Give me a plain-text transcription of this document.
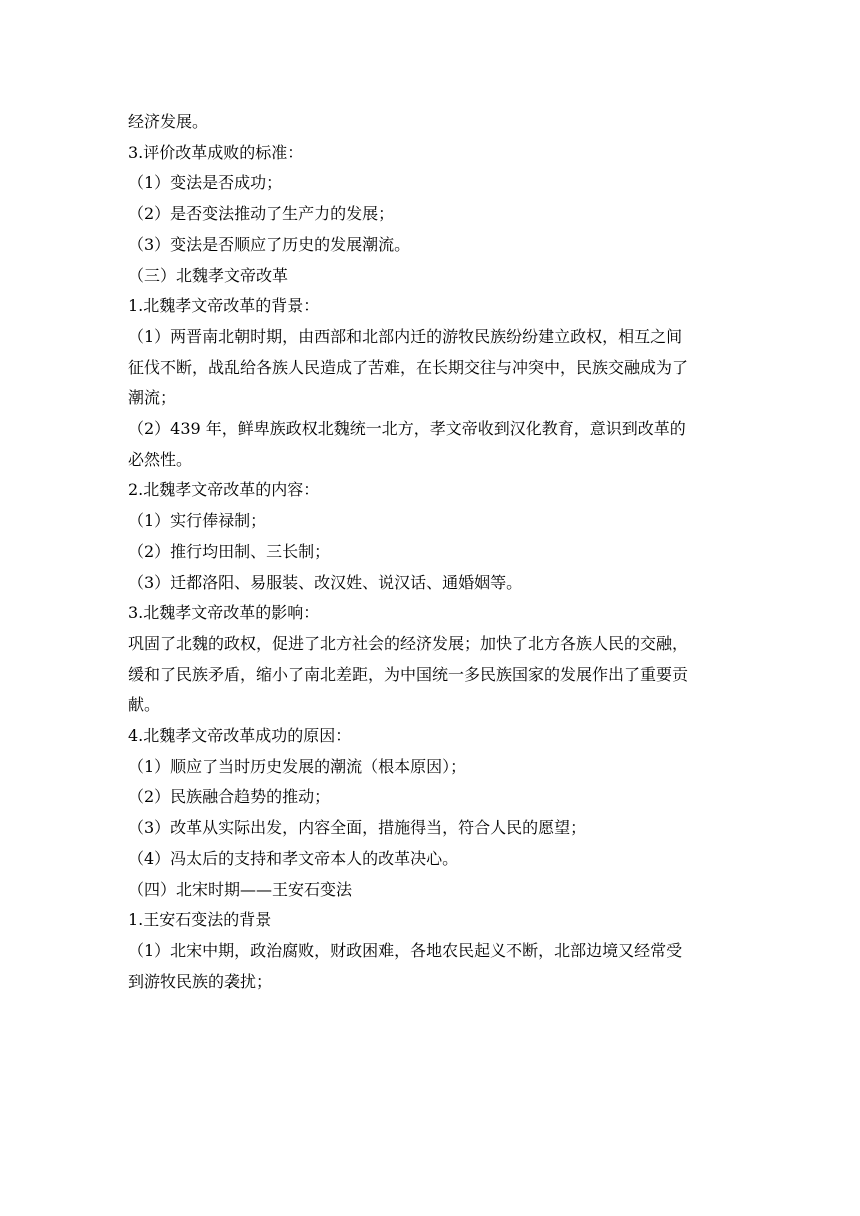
经济发展。

3.评价改革成败的标准：

（1）变法是否成功；

（2）是否变法推动了生产力的发展；

（3）变法是否顺应了历史的发展潮流。

（三）北魏孝文帝改革

1.北魏孝文帝改革的背景：

（1）两晋南北朝时期，由西部和北部内迁的游牧民族纷纷建立政权，相互之间

征伐不断，战乱给各族人民造成了苦难，在长期交往与冲突中，民族交融成为了

潮流；

（2）439 年，鲜卑族政权北魏统一北方，孝文帝收到汉化教育，意识到改革的

必然性。

2.北魏孝文帝改革的内容：

（1）实行俸禄制；

（2）推行均田制、三长制；

（3）迁都洛阳、易服装、改汉姓、说汉话、通婚姻等。

3.北魏孝文帝改革的影响：

巩固了北魏的政权，促进了北方社会的经济发展；加快了北方各族人民的交融，

缓和了民族矛盾，缩小了南北差距，为中国统一多民族国家的发展作出了重要贡

献。

4.北魏孝文帝改革成功的原因：

（1）顺应了当时历史发展的潮流（根本原因）；

（2）民族融合趋势的推动；

（3）改革从实际出发，内容全面，措施得当，符合人民的愿望；

（4）冯太后的支持和孝文帝本人的改革决心。

（四）北宋时期——王安石变法

1.王安石变法的背景

（1）北宋中期，政治腐败，财政困难，各地农民起义不断，北部边境又经常受

到游牧民族的袭扰；
